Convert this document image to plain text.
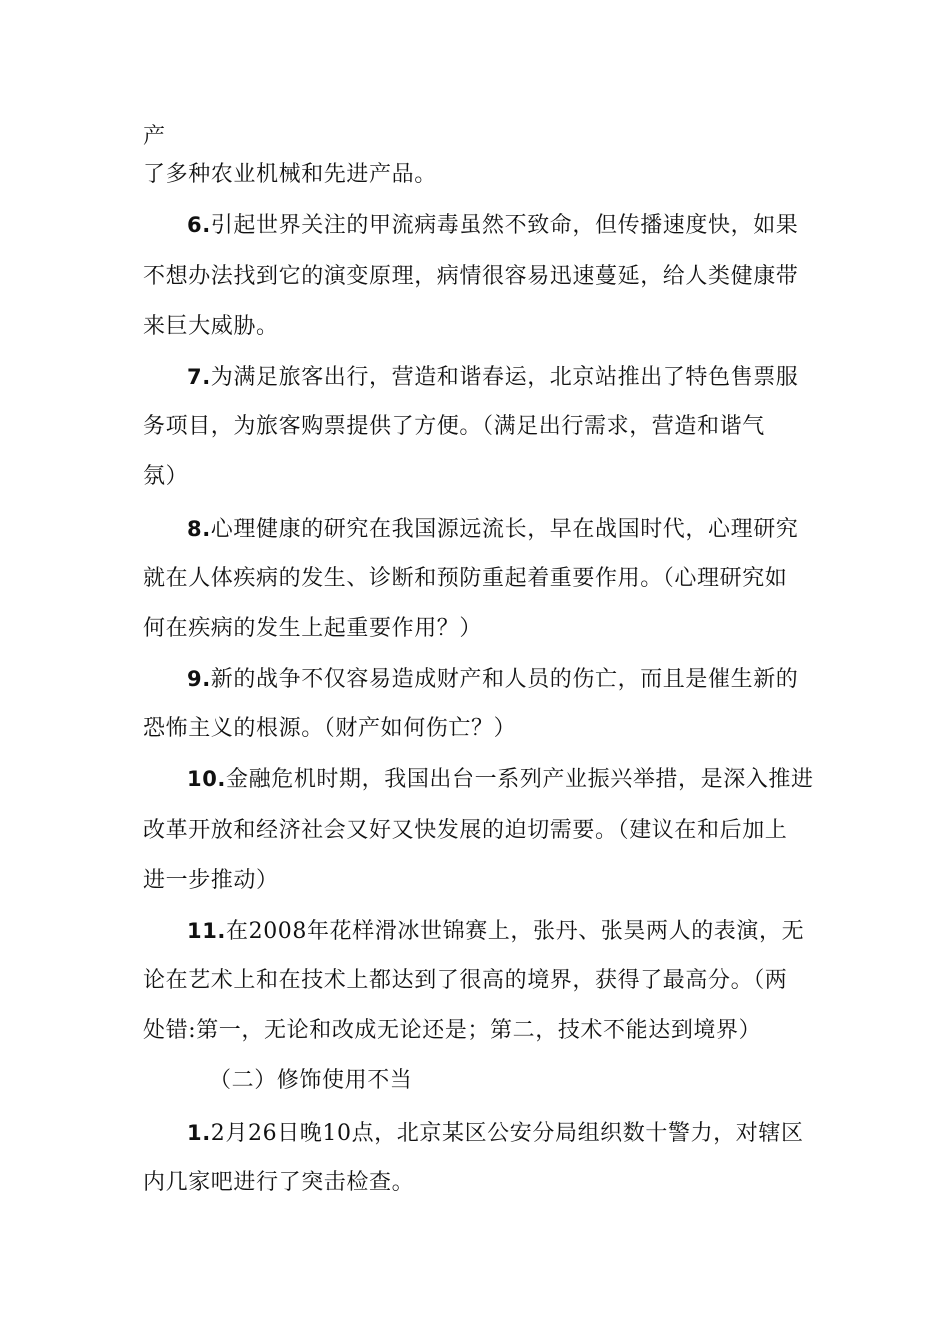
产
了多种农业机械和先进产品。
6.引起世界关注的甲流病毒虽然不致命，但传播速度快，如果
不想办法找到它的演变原理，病情很容易迅速蔓延，给人类健康带
来巨大威胁。
7.为满足旅客出行，营造和谐春运，北京站推出了特色售票服
务项目，为旅客购票提供了方便。（满足出行需求，营造和谐气
氛）
8.心理健康的研究在我国源远流长，早在战国时代，心理研究
就在人体疾病的发生、诊断和预防重起着重要作用。（心理研究如
何在疾病的发生上起重要作用？）
9.新的战争不仅容易造成财产和人员的伤亡，而且是催生新的
恐怖主义的根源。（财产如何伤亡？）
10.金融危机时期，我国出台一系列产业振兴举措，是深入推进
改革开放和经济社会又好又快发展的迫切需要。（建议在和后加上
进一步推动）
11.在2008年花样滑冰世锦赛上，张丹、张昊两人的表演，无
论在艺术上和在技术上都达到了很高的境界，获得了最高分。（两
处错:第一，无论和改成无论还是；第二，技术不能达到境界）
（二）修饰使用不当
1.2月26日晚10点，北京某区公安分局组织数十警力，对辖区
内几家吧进行了突击检查。
